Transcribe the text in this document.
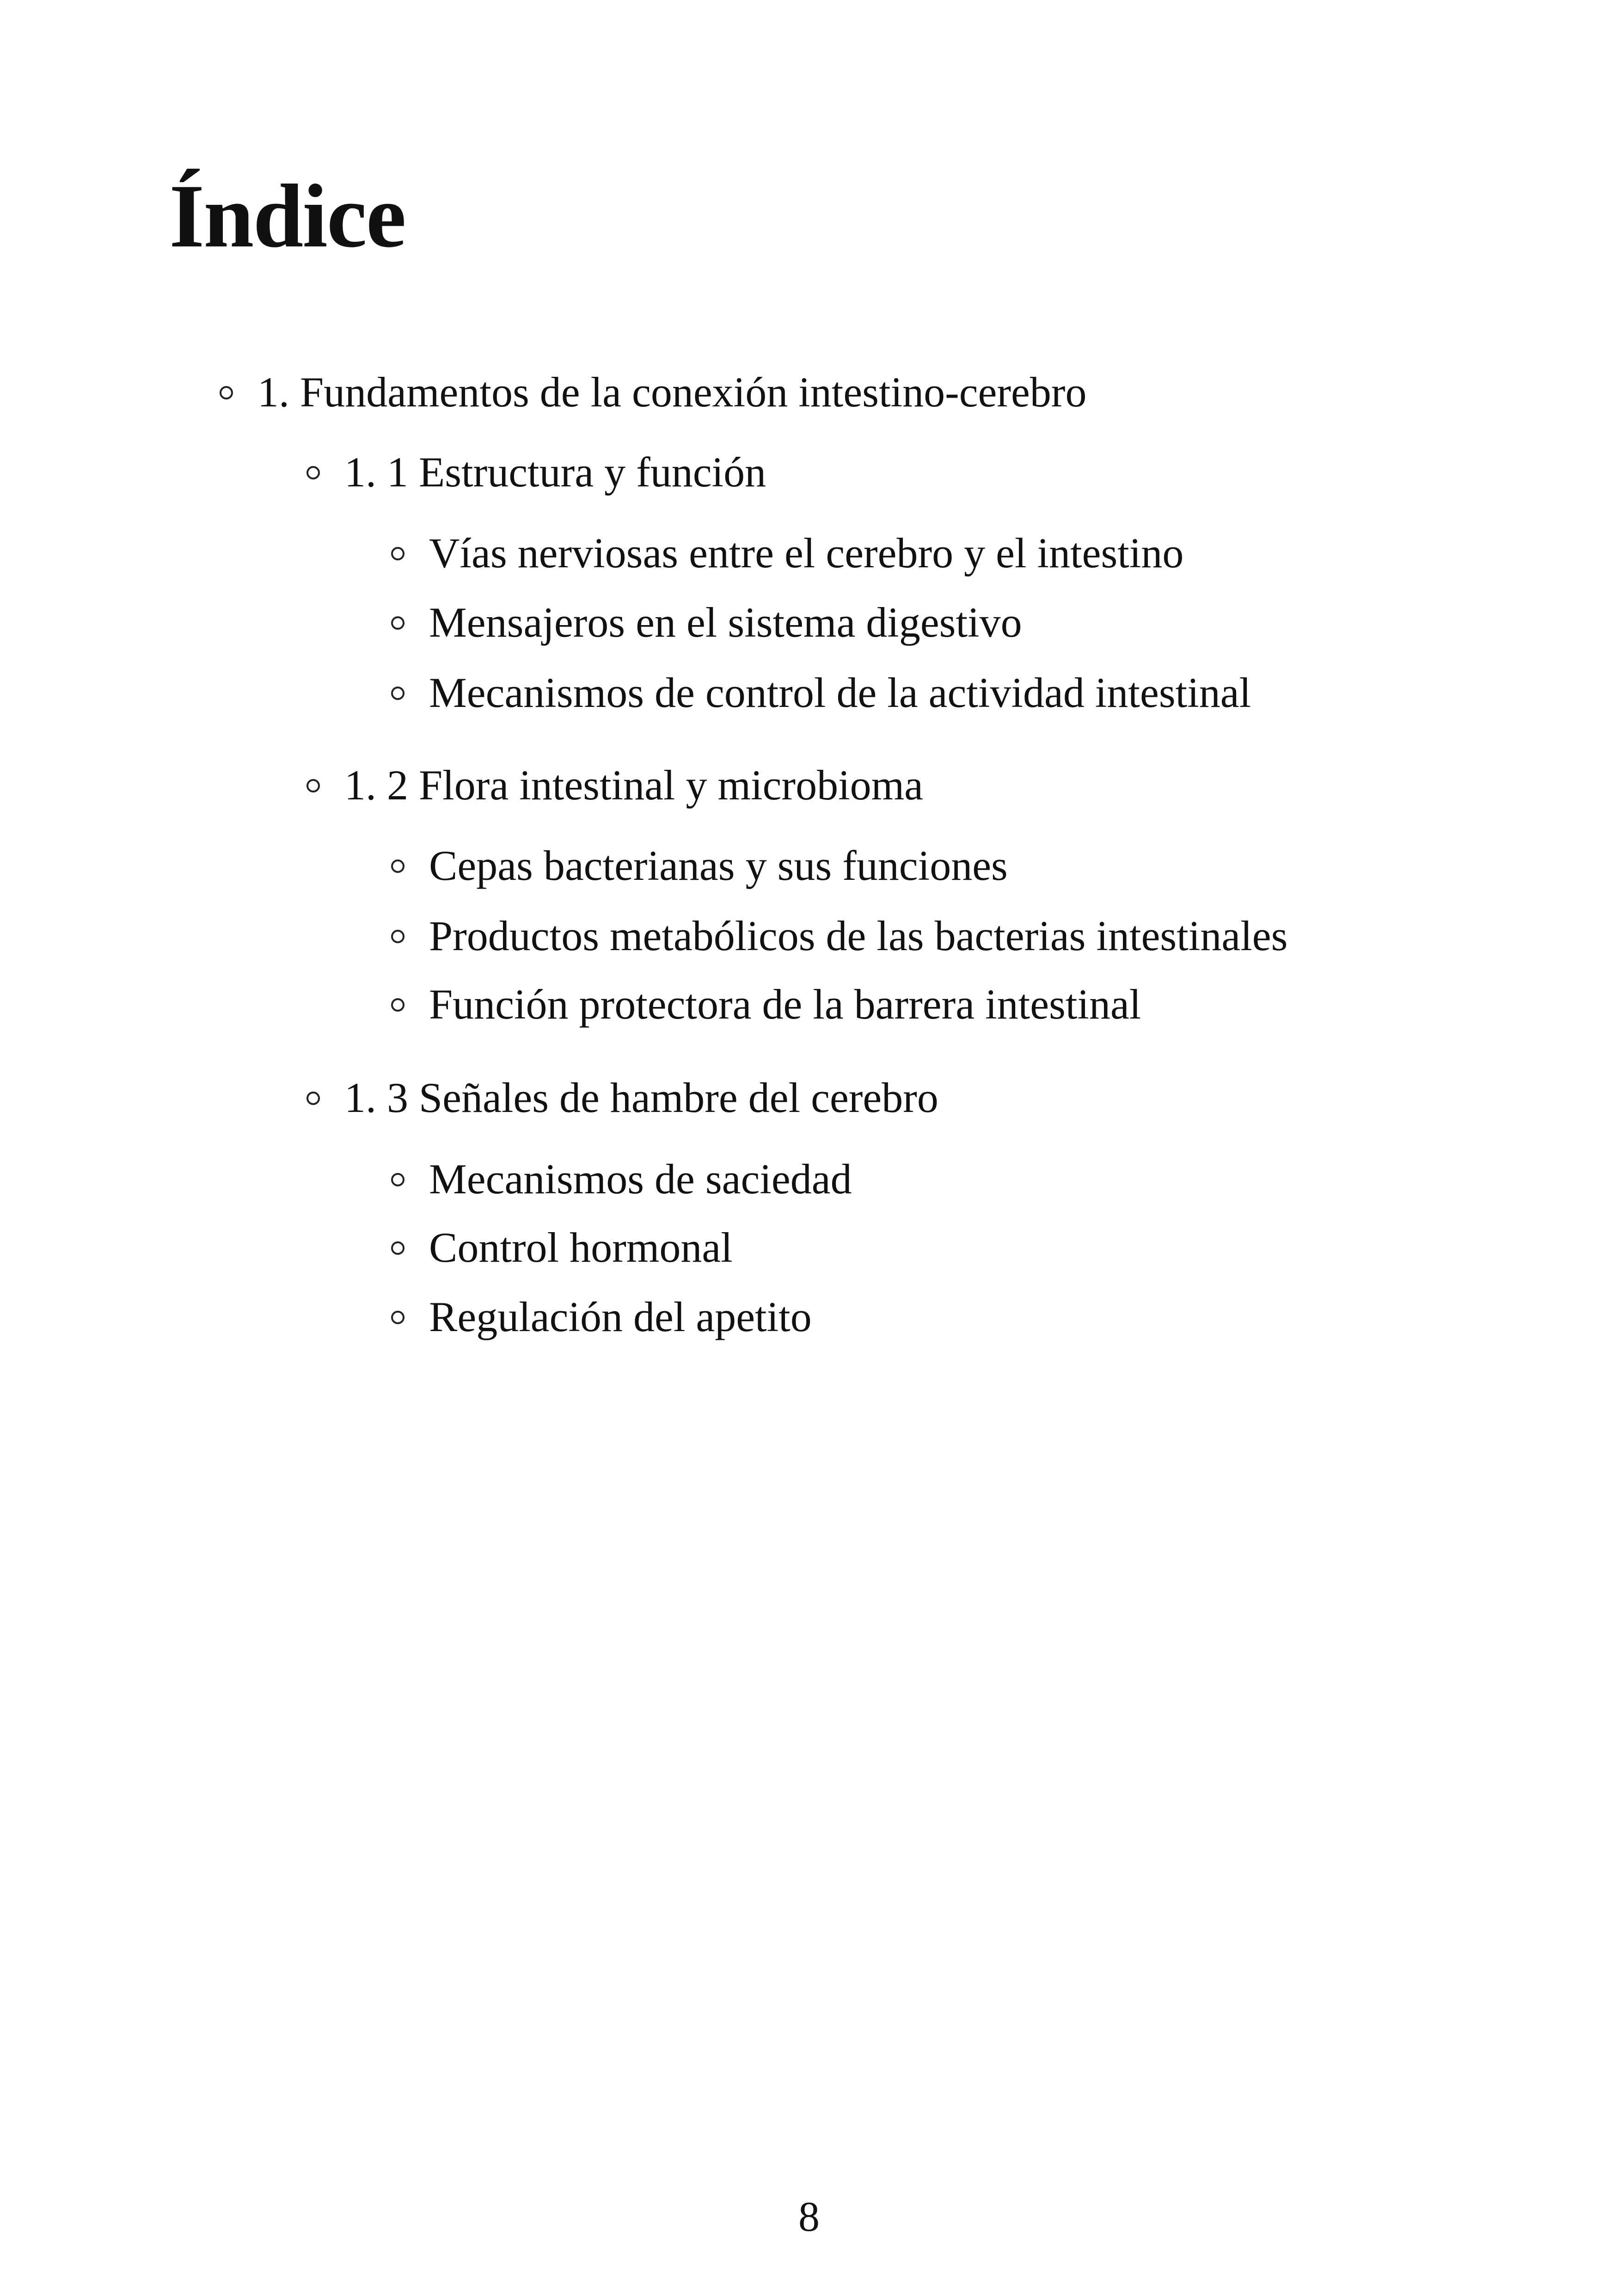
Índice
1. Fundamentos de la conexión intestino-cerebro
1. 1 Estructura y función
Vías nerviosas entre el cerebro y el intestino
Mensajeros en el sistema digestivo
Mecanismos de control de la actividad intestinal
1. 2 Flora intestinal y microbioma
Cepas bacterianas y sus funciones
Productos metabólicos de las bacterias intestinales
Función protectora de la barrera intestinal
1. 3 Señales de hambre del cerebro
Mecanismos de saciedad
Control hormonal
Regulación del apetito
8
